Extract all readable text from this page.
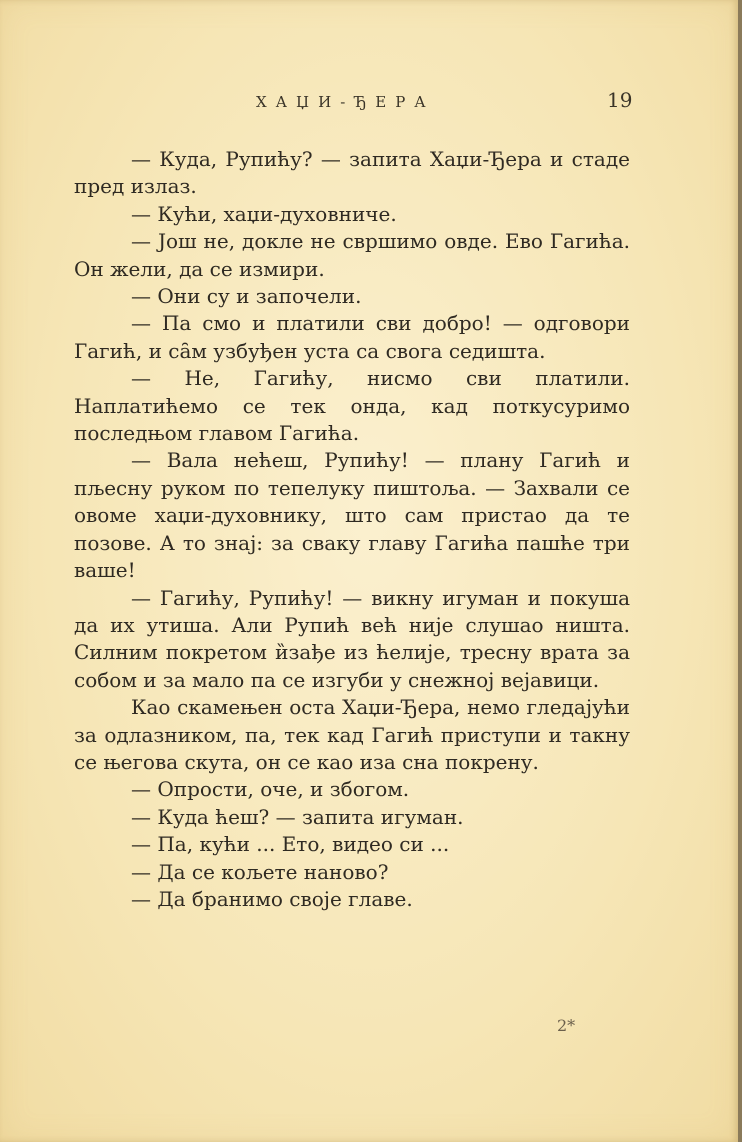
ХАЏИ-ЂЕРА	19

— Куда, Рупићу? — запита Хаџи-Ђера и стаде пред излаз.

— Кући, хаџи-духовниче.

— Још не, докле не свршимо овде. Ево Гагића. Он жели, да се измири.

— Они су и започели.

— Па смо и платили сви добро! — одговори Гагић, и са̑м узбуђен уста са свога седишта.

— Не, Гагићу, нисмо сви платили. Наплатићемо се тек онда, кад поткусуримо последњом главом Гагића.

— Вала нећеш, Рупићу! — плану Гагић и пљесну руком по тепелуку пиштоља. — Захвали се овоме хаџи-духовнику, што сам пристао да те позове. А то знај: за сваку главу Гагића пашће три ваше!

— Гагићу, Рупићу! — викну игуман и покуша да их утиша. Али Рупић већ није слушао ништа. Силним покретом и̏зађе из ћелије, тресну врата за собом и за мало па се изгуби у снежној вејавици.

Као скамењен оста Хаџи-Ђера, немо гледајући за одлазником, па, тек кад Гагић приступи и такну се његова скута, он се као иза сна покрену.

— Опрости, оче, и збогом.

— Куда ћеш? — запита игуман.

— Па, кући ... Ето, видео си ...

— Да се кољете наново?

— Да бранимо своје главе.

2*
